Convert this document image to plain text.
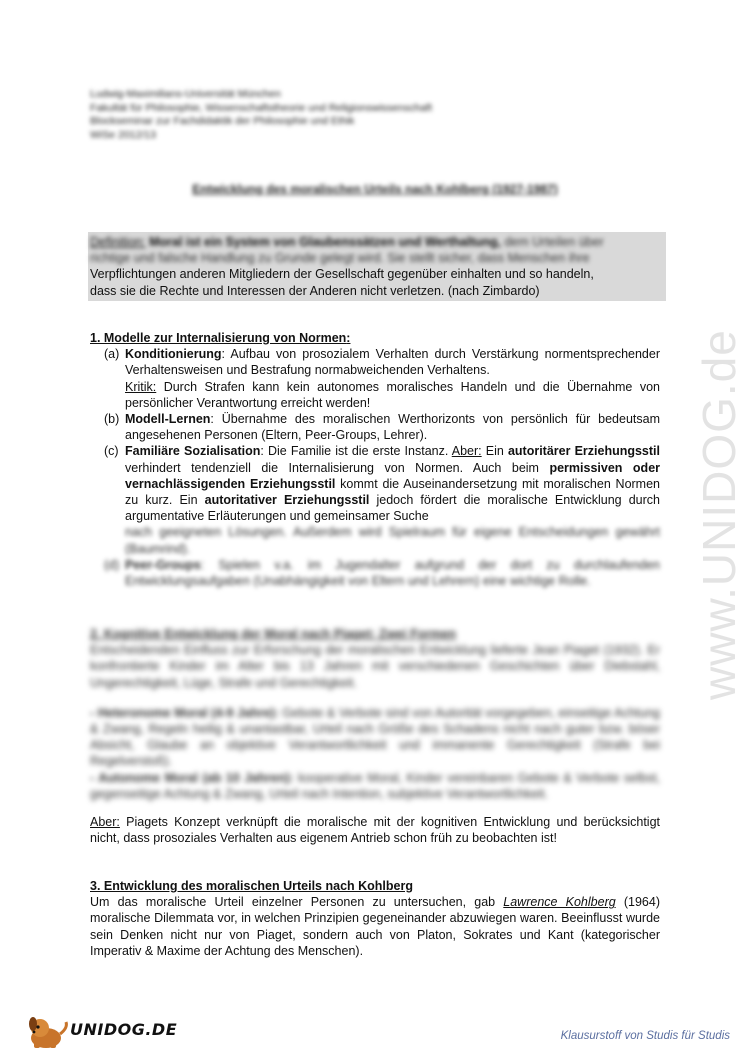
www.UNIDOG.de
Ludwig-Maximilians-Universität München
Fakultät für Philosophie, Wissenschaftstheorie und Religionswissenschaft
Blockseminar zur Fachdidaktik der Philosophie und Ethik
WiSe 2012/13
Entwicklung des moralischen Urteils nach Kohlberg (1927-1987)
Definition: Moral ist ein System von Glaubenssätzen und Werthaltung, dem Urteilen über
richtige und falsche Handlung zu Grunde gelegt wird. Sie stellt sicher, dass Menschen ihre
Verpflichtungen anderen Mitgliedern der Gesellschaft gegenüber einhalten und so handeln,
dass sie die Rechte und Interessen der Anderen nicht verletzen. (nach Zimbardo)
1. Modelle zur Internalisierung von Normen:
(a) Konditionierung: Aufbau von prosozialem Verhalten durch Verstärkung normentsprechender Verhaltensweisen und Bestrafung normabweichenden Verhaltens.
Kritik: Durch Strafen kann kein autonomes moralisches Handeln und die Übernahme von persönlicher Verantwortung erreicht werden!
(b) Modell-Lernen: Übernahme des moralischen Werthorizonts von persönlich für bedeutsam angesehenen Personen (Eltern, Peer-Groups, Lehrer).
(c) Familiäre Sozialisation: Die Familie ist die erste Instanz. Aber: Ein autoritärer Erziehungsstil verhindert tendenziell die Internalisierung von Normen. Auch beim permissiven oder vernachlässigenden Erziehungsstil kommt die Auseinandersetzung mit moralischen Normen zu kurz. Ein autoritativer Erziehungsstil jedoch fördert die moralische Entwicklung durch argumentative Erläuterungen und gemeinsamer Suche
nach geeigneten Lösungen. Außerdem wird Spielraum für eigene Entscheidungen gewährt (Baumrind).
(d) Peer-Groups: Spielen v.a. im Jugendalter aufgrund der dort zu durchlaufenden Entwicklungsaufgaben (Unabhängigkeit von Eltern und Lehrern) eine wichtige Rolle.
2. Kognitive Entwicklung der Moral nach Piaget: Zwei Formen
Entscheidenden Einfluss zur Erforschung der moralischen Entwicklung lieferte Jean Piaget (1932). Er konfrontierte Kinder im Alter bis 13 Jahren mit verschiedenen Geschichten über Diebstahl, Ungerechtigkeit, Lüge, Strafe und Gerechtigkeit.
- Heteronome Moral (4-9 Jahre): Gebote & Verbote sind von Autorität vorgegeben, einseitige Achtung & Zwang, Regeln heilig & unantastbar, Urteil nach Größe des Schadens nicht nach guter bzw. böser Absicht, Glaube an objektive Verantwortlichkeit und immanente Gerechtigkeit (Strafe bei Regelverstoß).
- Autonome Moral (ab 10 Jahren): kooperative Moral, Kinder vereinbaren Gebote & Verbote selbst, gegenseitige Achtung & Zwang, Urteil nach Intention, subjektive Verantwortlichkeit.
Aber: Piagets Konzept verknüpft die moralische mit der kognitiven Entwicklung und berücksichtigt nicht, dass prosoziales Verhalten aus eigenem Antrieb schon früh zu beobachten ist!
3. Entwicklung des moralischen Urteils nach Kohlberg
Um das moralische Urteil einzelner Personen zu untersuchen, gab Lawrence Kohlberg (1964) moralische Dilemmata vor, in welchen Prinzipien gegeneinander abzuwiegen waren. Beeinflusst wurde sein Denken nicht nur von Piaget, sondern auch von Platon, Sokrates und Kant (kategorischer Imperativ & Maxime der Achtung des Menschen).
UNIDOG.DE	Klausurstoff von Studis für Studis
